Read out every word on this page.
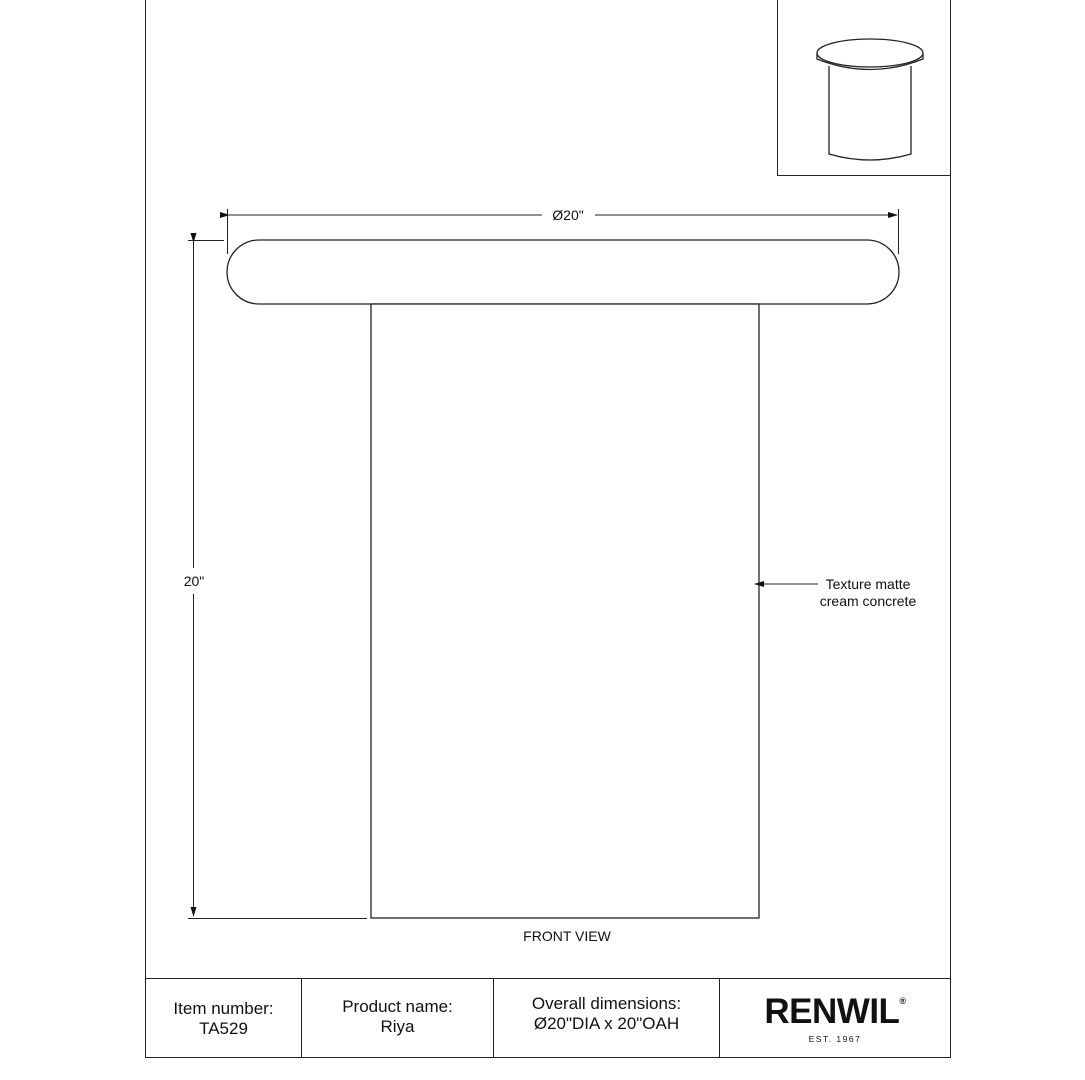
Ø20"
20"	Texture matte
cream concrete
FRONT VIEW
Item number:
TA529
Product name:
Riya
Overall dimensions:
Ø20"DIA x 20"OAH	RENWIL®
EST. 1967
